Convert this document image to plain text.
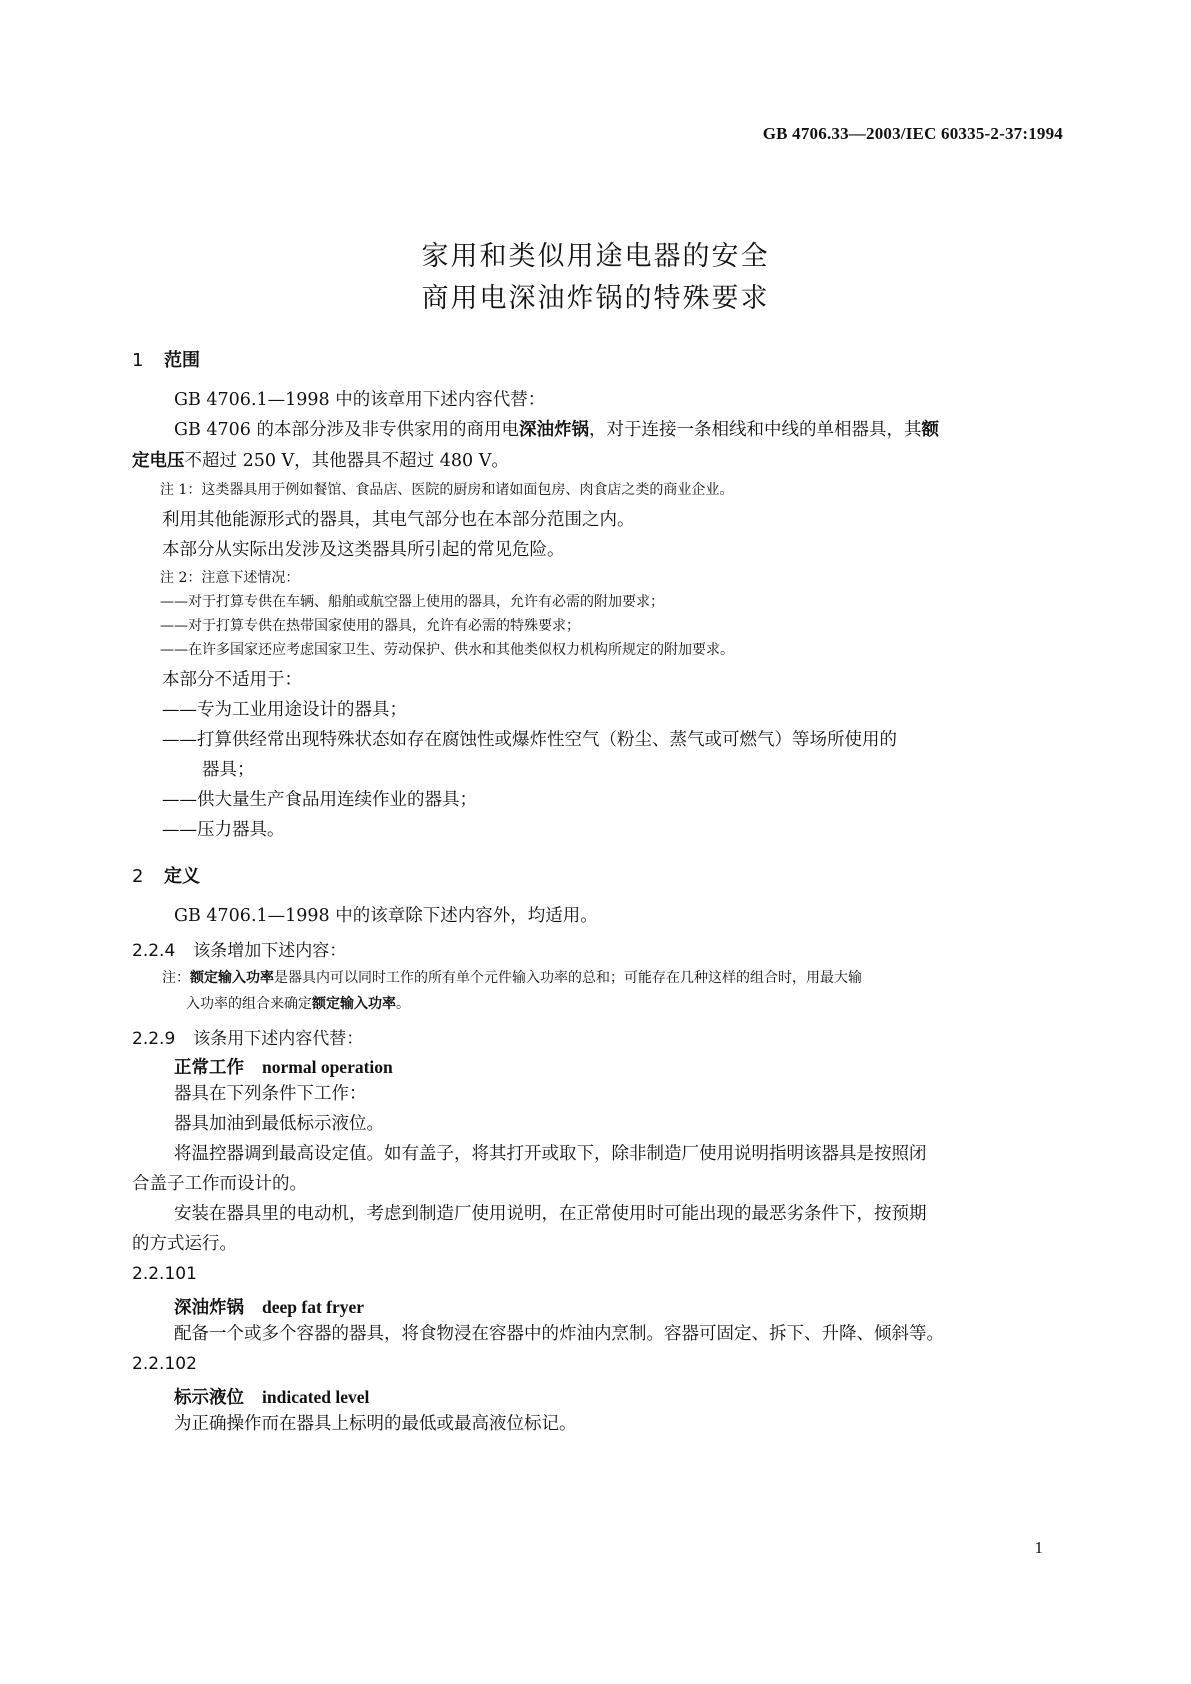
GB 4706.33—2003/IEC 60335-2-37:1994
家用和类似用途电器的安全
商用电深油炸锅的特殊要求
1 范围
GB 4706.1—1998 中的该章用下述内容代替：
GB 4706 的本部分涉及非专供家用的商用电深油炸锅，对于连接一条相线和中线的单相器具，其额
定电压不超过 250 V，其他器具不超过 480 V。
注 1：这类器具用于例如餐馆、食品店、医院的厨房和诸如面包房、肉食店之类的商业企业。
利用其他能源形式的器具，其电气部分也在本部分范围之内。
本部分从实际出发涉及这类器具所引起的常见危险。
注 2：注意下述情况：
——对于打算专供在车辆、船舶或航空器上使用的器具，允许有必需的附加要求；
——对于打算专供在热带国家使用的器具，允许有必需的特殊要求；
——在许多国家还应考虑国家卫生、劳动保护、供水和其他类似权力机构所规定的附加要求。
本部分不适用于：
——专为工业用途设计的器具；
——打算供经常出现特殊状态如存在腐蚀性或爆炸性空气（粉尘、蒸气或可燃气）等场所使用的
器具；
——供大量生产食品用连续作业的器具；
——压力器具。
2 定义
GB 4706.1—1998 中的该章除下述内容外，均适用。
2.2.4 该条增加下述内容：
注：额定输入功率是器具内可以同时工作的所有单个元件输入功率的总和；可能存在几种这样的组合时，用最大输
入功率的组合来确定额定输入功率。
2.2.9 该条用下述内容代替：
正常工作 normal operation
器具在下列条件下工作：
器具加油到最低标示液位。
将温控器调到最高设定值。如有盖子，将其打开或取下，除非制造厂使用说明指明该器具是按照闭
合盖子工作而设计的。
安装在器具里的电动机，考虑到制造厂使用说明，在正常使用时可能出现的最恶劣条件下，按预期
的方式运行。
2.2.101
深油炸锅 deep fat fryer
配备一个或多个容器的器具，将食物浸在容器中的炸油内烹制。容器可固定、拆下、升降、倾斜等。
2.2.102
标示液位 indicated level
为正确操作而在器具上标明的最低或最高液位标记。
1
